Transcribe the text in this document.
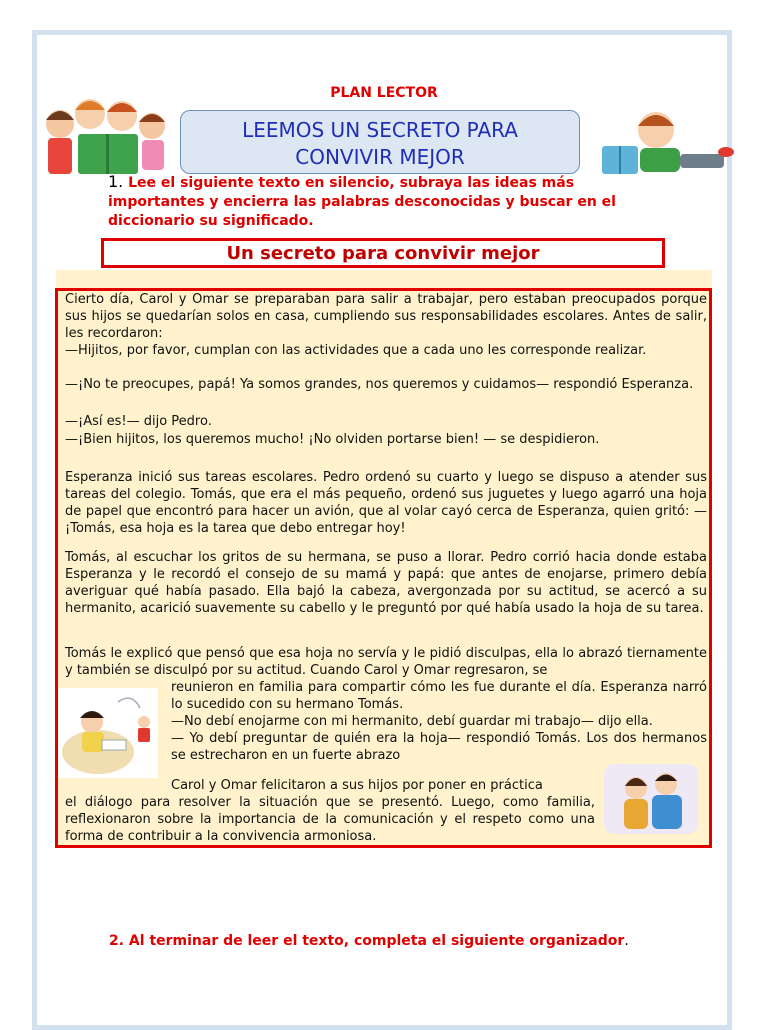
PLAN LECTOR
LEEMOS UN SECRETO PARA
CONVIVIR MEJOR
1. Lee el siguiente texto en silencio, subraya las ideas más importantes y encierra las palabras desconocidas y buscar en el diccionario su significado.
Un secreto para convivir mejor

Cierto día, Carol y Omar se preparaban para salir a trabajar, pero estaban preocupados porque sus hijos se quedarían solos en casa, cumpliendo sus responsabilidades escolares. Antes de salir, les recordaron:

—Hijitos, por favor, cumplan con las actividades que a cada uno les corresponde realizar.

—¡No te preocupes, papá! Ya somos grandes, nos queremos y cuidamos— respondió Esperanza.

—¡Así es!— dijo Pedro.

—¡Bien hijitos, los queremos mucho! ¡No olviden portarse bien! — se despidieron.

Esperanza inició sus tareas escolares. Pedro ordenó su cuarto y luego se dispuso a atender sus tareas del colegio. Tomás, que era el más pequeño, ordenó sus juguetes y luego agarró una hoja de papel que encontró para hacer un avión, que al volar cayó cerca de Esperanza, quien gritó: —¡Tomás, esa hoja es la tarea que debo entregar hoy!

Tomás, al escuchar los gritos de su hermana, se puso a llorar. Pedro corrió hacia donde estaba Esperanza y le recordó el consejo de su mamá y papá: que antes de enojarse, primero debía averiguar qué había pasado. Ella bajó la cabeza, avergonzada por su actitud, se acercó a su hermanito, acarició suavemente su cabello y le preguntó por qué había usado la hoja de su tarea.

Tomás le explicó que pensó que esa hoja no servía y le pidió disculpas, ella lo abrazó tiernamente y también se disculpó por su actitud. Cuando Carol y Omar regresaron, se

reunieron en familia para compartir cómo les fue durante el día. Esperanza narró lo sucedido con su hermano Tomás.

—No debí enojarme con mi hermanito, debí guardar mi trabajo— dijo ella.

— Yo debí preguntar de quién era la hoja— respondió Tomás. Los dos hermanos se estrecharon en un fuerte abrazo

Carol y Omar felicitaron a sus hijos por poner en práctica

el diálogo para resolver la situación que se presentó. Luego, como familia, reflexionaron sobre la importancia de la comunicación y el respeto como una forma de contribuir a la convivencia armoniosa.

2. Al terminar de leer el texto, completa el siguiente organizador.
